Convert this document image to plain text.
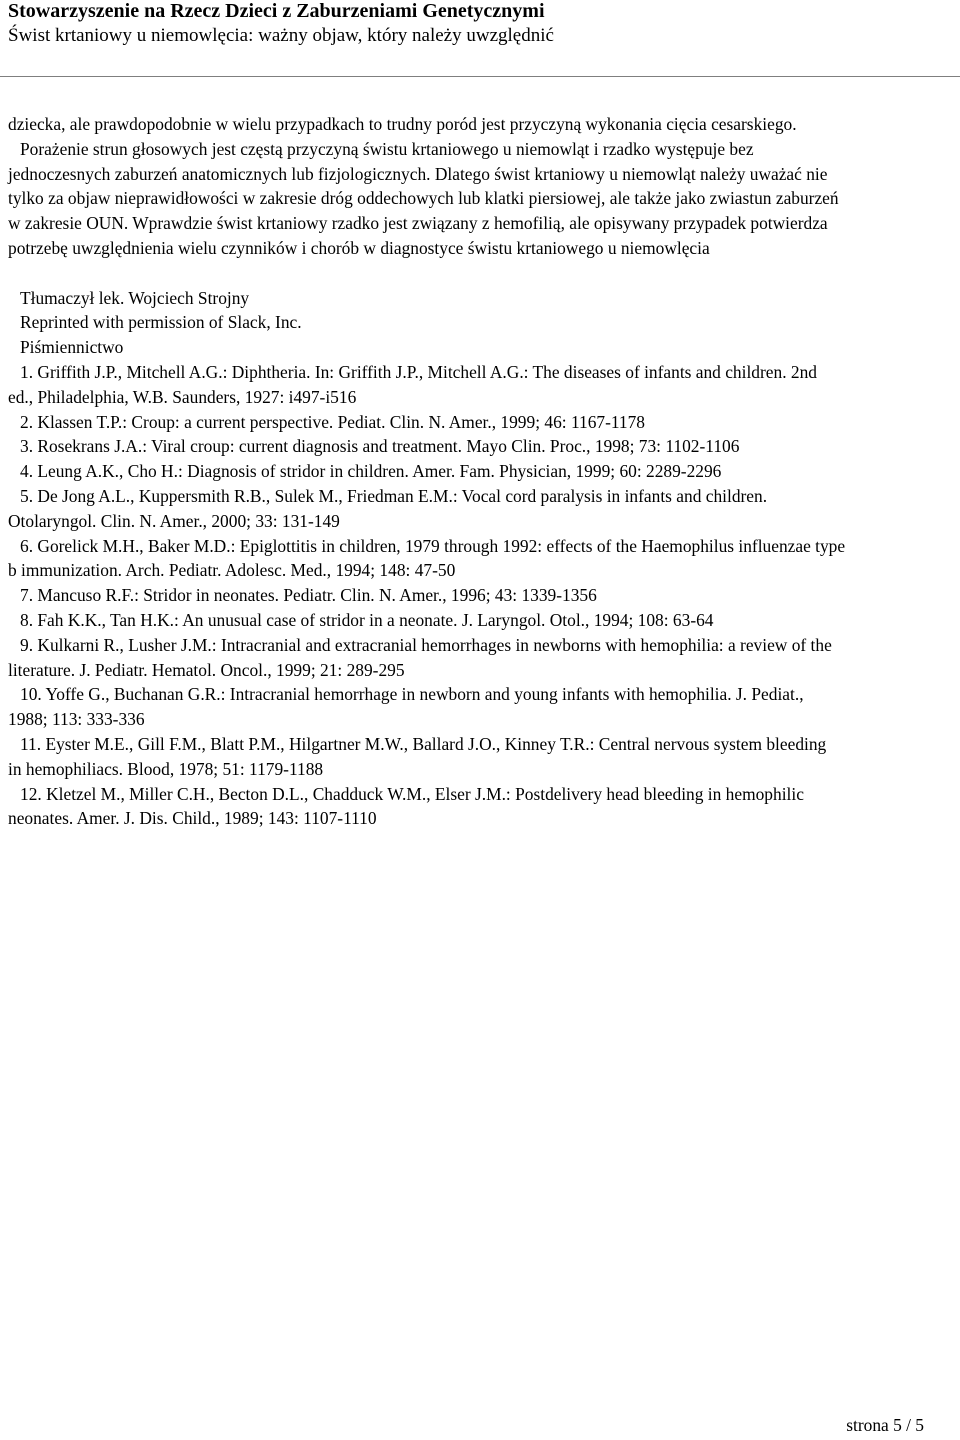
Stowarzyszenie na Rzecz Dzieci z Zaburzeniami Genetycznymi
Świst krtaniowy u niemowlęcia: ważny objaw, który należy uwzględnić

dziecka, ale prawdopodobnie w wielu przypadkach to trudny poród jest przyczyną wykonania cięcia cesarskiego.

Porażenie strun głosowych jest częstą przyczyną świstu krtaniowego u niemowląt i rzadko występuje bez

jednoczesnych zaburzeń anatomicznych lub fizjologicznych. Dlatego świst krtaniowy u niemowląt należy uważać nie

tylko za objaw nieprawidłowości w zakresie dróg oddechowych lub klatki piersiowej, ale także jako zwiastun zaburzeń

w zakresie OUN. Wprawdzie świst krtaniowy rzadko jest związany z hemofilią, ale opisywany przypadek potwierdza

potrzebę uwzględnienia wielu czynników i chorób w diagnostyce świstu krtaniowego u niemowlęcia

Tłumaczył lek. Wojciech Strojny

Reprinted with permission of Slack, Inc.

Piśmiennictwo

1. Griffith J.P., Mitchell A.G.: Diphtheria. In: Griffith J.P., Mitchell A.G.: The diseases of infants and children. 2nd

ed., Philadelphia, W.B. Saunders, 1927: i497-i516

2. Klassen T.P.: Croup: a current perspective. Pediat. Clin. N. Amer., 1999; 46: 1167-1178

3. Rosekrans J.A.: Viral croup: current diagnosis and treatment. Mayo Clin. Proc., 1998; 73: 1102-1106

4. Leung A.K., Cho H.: Diagnosis of stridor in children. Amer. Fam. Physician, 1999; 60: 2289-2296

5. De Jong A.L., Kuppersmith R.B., Sulek M., Friedman E.M.: Vocal cord paralysis in infants and children.

Otolaryngol. Clin. N. Amer., 2000; 33: 131-149

6. Gorelick M.H., Baker M.D.: Epiglottitis in children, 1979 through 1992: effects of the Haemophilus influenzae type

b immunization. Arch. Pediatr. Adolesc. Med., 1994; 148: 47-50

7. Mancuso R.F.: Stridor in neonates. Pediatr. Clin. N. Amer., 1996; 43: 1339-1356

8. Fah K.K., Tan H.K.: An unusual case of stridor in a neonate. J. Laryngol. Otol., 1994; 108: 63-64

9. Kulkarni R., Lusher J.M.: Intracranial and extracranial hemorrhages in newborns with hemophilia: a review of the

literature. J. Pediatr. Hematol. Oncol., 1999; 21: 289-295

10. Yoffe G., Buchanan G.R.: Intracranial hemorrhage in newborn and young infants with hemophilia. J. Pediat.,

1988; 113: 333-336

11. Eyster M.E., Gill F.M., Blatt P.M., Hilgartner M.W., Ballard J.O., Kinney T.R.: Central nervous system bleeding

in hemophiliacs. Blood, 1978; 51: 1179-1188

12. Kletzel M., Miller C.H., Becton D.L., Chadduck W.M., Elser J.M.: Postdelivery head bleeding in hemophilic

neonates. Amer. J. Dis. Child., 1989; 143: 1107-1110

strona 5 / 5
